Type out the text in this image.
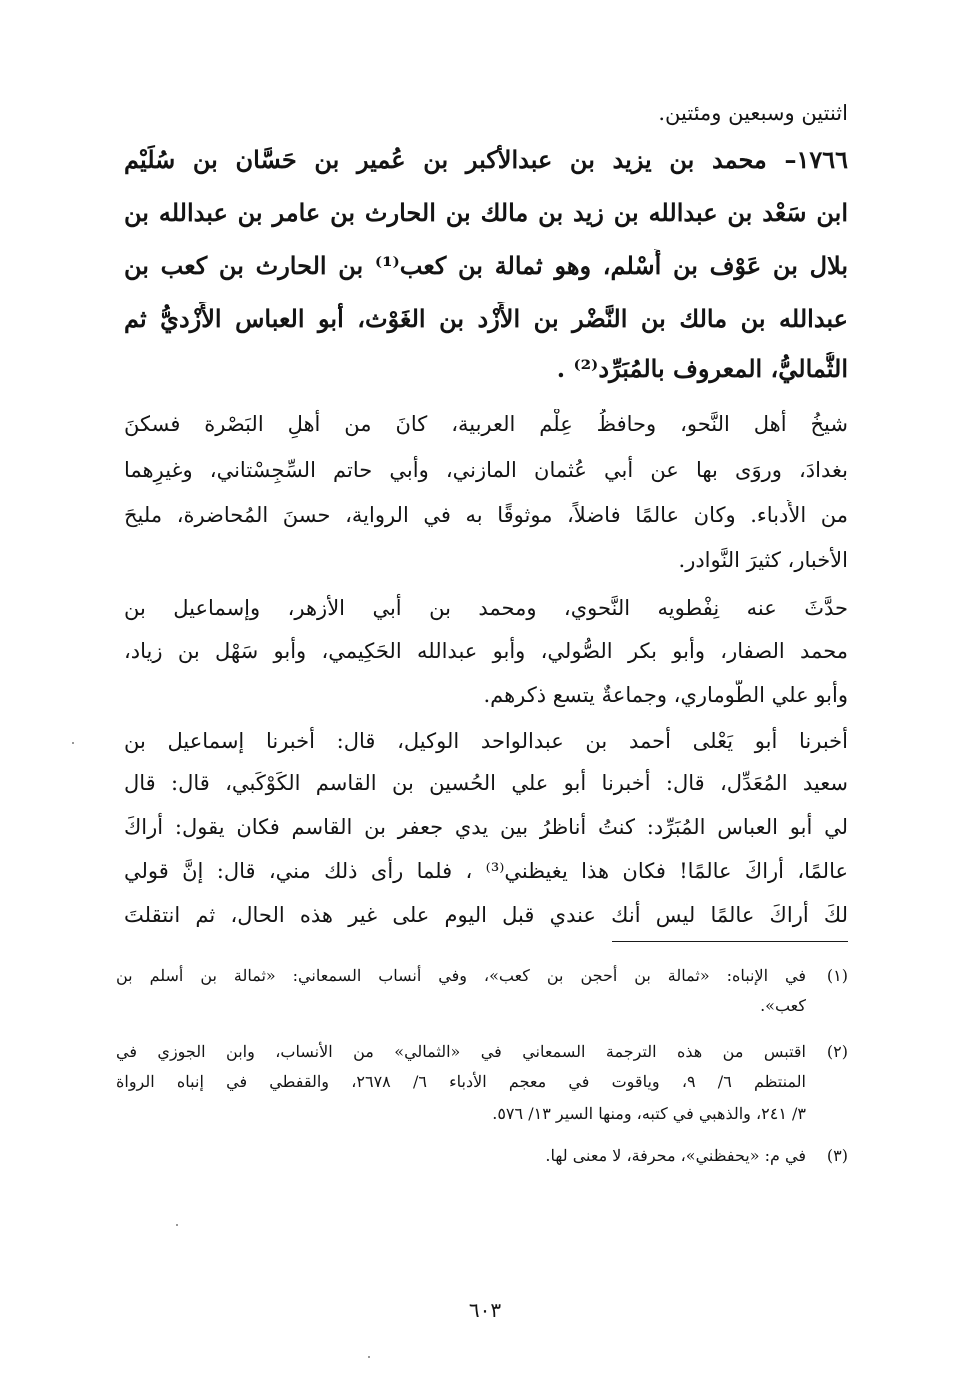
اثنتين وسبعين ومئتين.
١٧٦٦– محمد بن يزيد بن عبدالأكبر بن عُمير بن حَسَّان بن سُلَيْم
ابن سَعْد بن عبدالله بن زيد بن مالك بن الحارث بن عامر بن عبدالله بن
بلال بن عَوْف بن أَسْلم، وهو ثمالة بن كعب⁽¹⁾ بن الحارث بن كعب بن
عبدالله بن مالك بن النَّضْر بن الأَزْد بن الغَوْث، أبو العباس الأَزْديُّ ثم
الثُّماليُّ، المعروف بالمُبَرِّد⁽²⁾ .
شيخُ أهل النَّحو، وحافظُ عِلْم العربية، كانَ من أهلِ البَصْرة فسكنَ
بغدادَ، وروَى بها عن أبي عُثمان المازني، وأبي حاتم السِّجِسْتاني، وغيرِهما
من الأُدباء. وكان عالمًا فاضلاً، موثوقًا به في الرواية، حسنَ المُحاضرة، مليحَ
الأخبار، كثيرَ النَّوادر.
حدَّثَ عنه نِفْطويه النَّحوي، ومحمد بن أبي الأزهر، وإسماعيل بن
محمد الصفار، وأبو بكر الصُّولي، وأبو عبدالله الحَكِيمي، وأبو سَهْل بن زياد،
وأبو علي الطُّوماري، وجماعةٌ يتسع ذكرهم.
أخبرنا أبو يَعْلى أحمد بن عبدالواحد الوكيل، قال: أخبرنا إسماعيل بن
سعيد المُعَدِّل، قال: أخبرنا أبو علي الحُسين بن القاسم الكَوْكَبي، قال: قال
لي أبو العباس المُبَرِّد: كنتُ أناظرُ بين يدي جعفر بن القاسم فكان يقول: أراكَ
عالمًا، أراكَ عالمًا! فكان هذا يغيظني⁽³⁾ ، فلما رأى ذلك مني، قال: إنَّ قولي
لكَ أراكَ عالمًا ليس أنك عندي قبل اليوم على غير هذه الحال، ثم انتقلتَ
(١)
في الإنباه: «ثمالة بن أحجن بن كعب»، وفي أنساب السمعاني: «ثمالة بن أسلم بن
كعب».
(٢)
اقتبس من هذه الترجمة السمعاني في «الثمالي» من الأنساب، وابن الجوزي في
المنتظم ٦/ ٩، وياقوت في معجم الأدباء ٦/ ٢٦٧٨، والقفطي في إنباه الرواة
٣/ ٢٤١، والذهبي في كتبه، ومنها السير ١٣/ ٥٧٦.
(٣)
في م: «يحفظني»، محرفة، لا معنى لها.
٦٠٣
